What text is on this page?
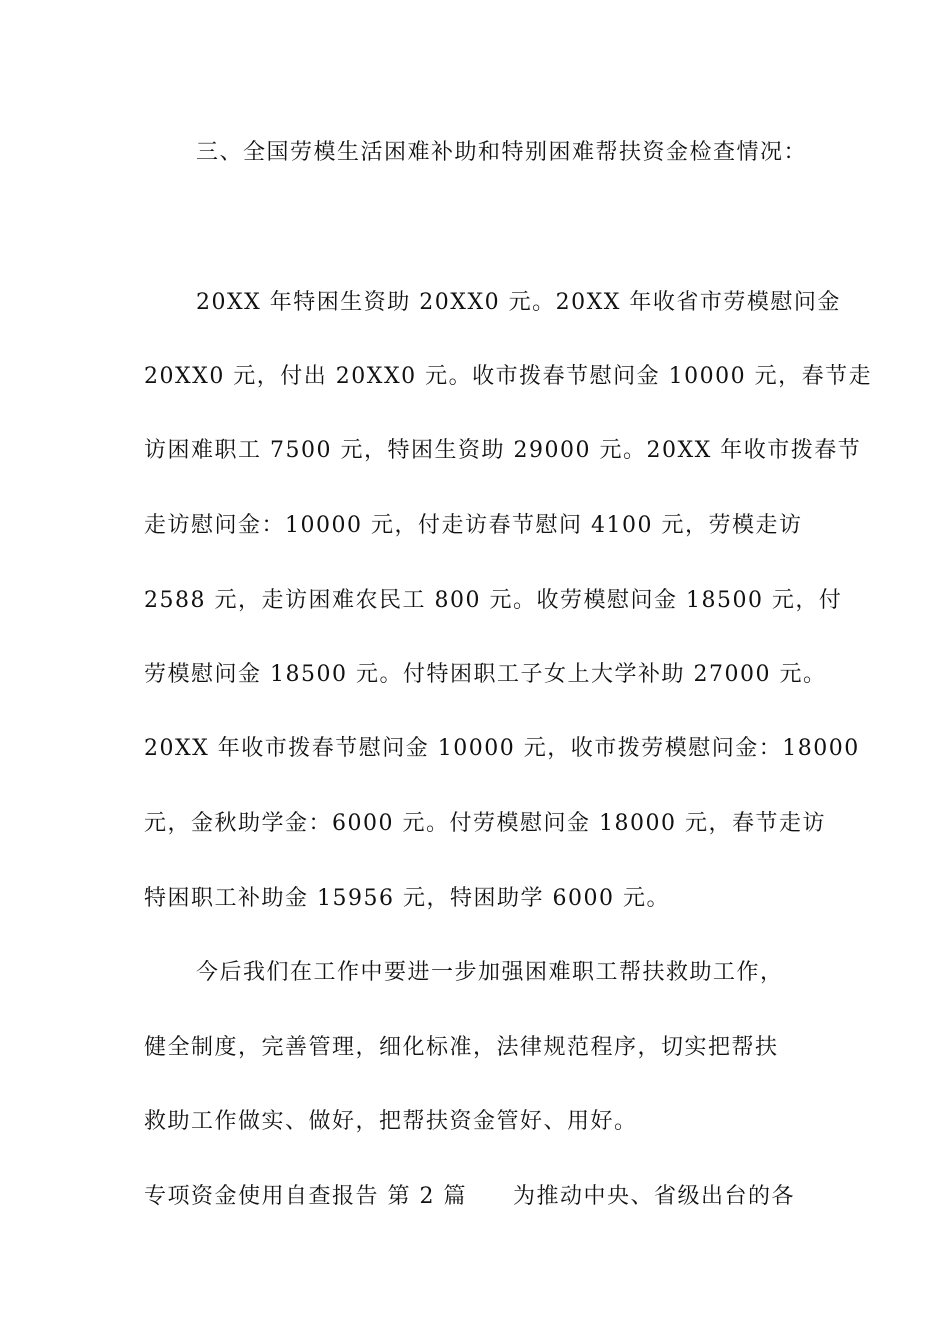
三、全国劳模生活困难补助和特别困难帮扶资金检查情况：
20XX 年特困生资助 20XX0 元。20XX 年收省市劳模慰问金
20XX0 元，付出 20XX0 元。收市拨春节慰问金 10000 元，春节走
访困难职工 7500 元，特困生资助 29000 元。20XX 年收市拨春节
走访慰问金：10000 元，付走访春节慰问 4100 元，劳模走访
2588 元，走访困难农民工 800 元。收劳模慰问金 18500 元，付
劳模慰问金 18500 元。付特困职工子女上大学补助 27000 元。
20XX 年收市拨春节慰问金 10000 元，收市拨劳模慰问金：18000
元，金秋助学金：6000 元。付劳模慰问金 18000 元，春节走访
特困职工补助金 15956 元，特困助学 6000 元。
今后我们在工作中要进一步加强困难职工帮扶救助工作，
健全制度，完善管理，细化标准，法律规范程序，切实把帮扶
救助工作做实、做好，把帮扶资金管好、用好。
专项资金使用自查报告 第 2 篇 为推动中央、省级出台的各
